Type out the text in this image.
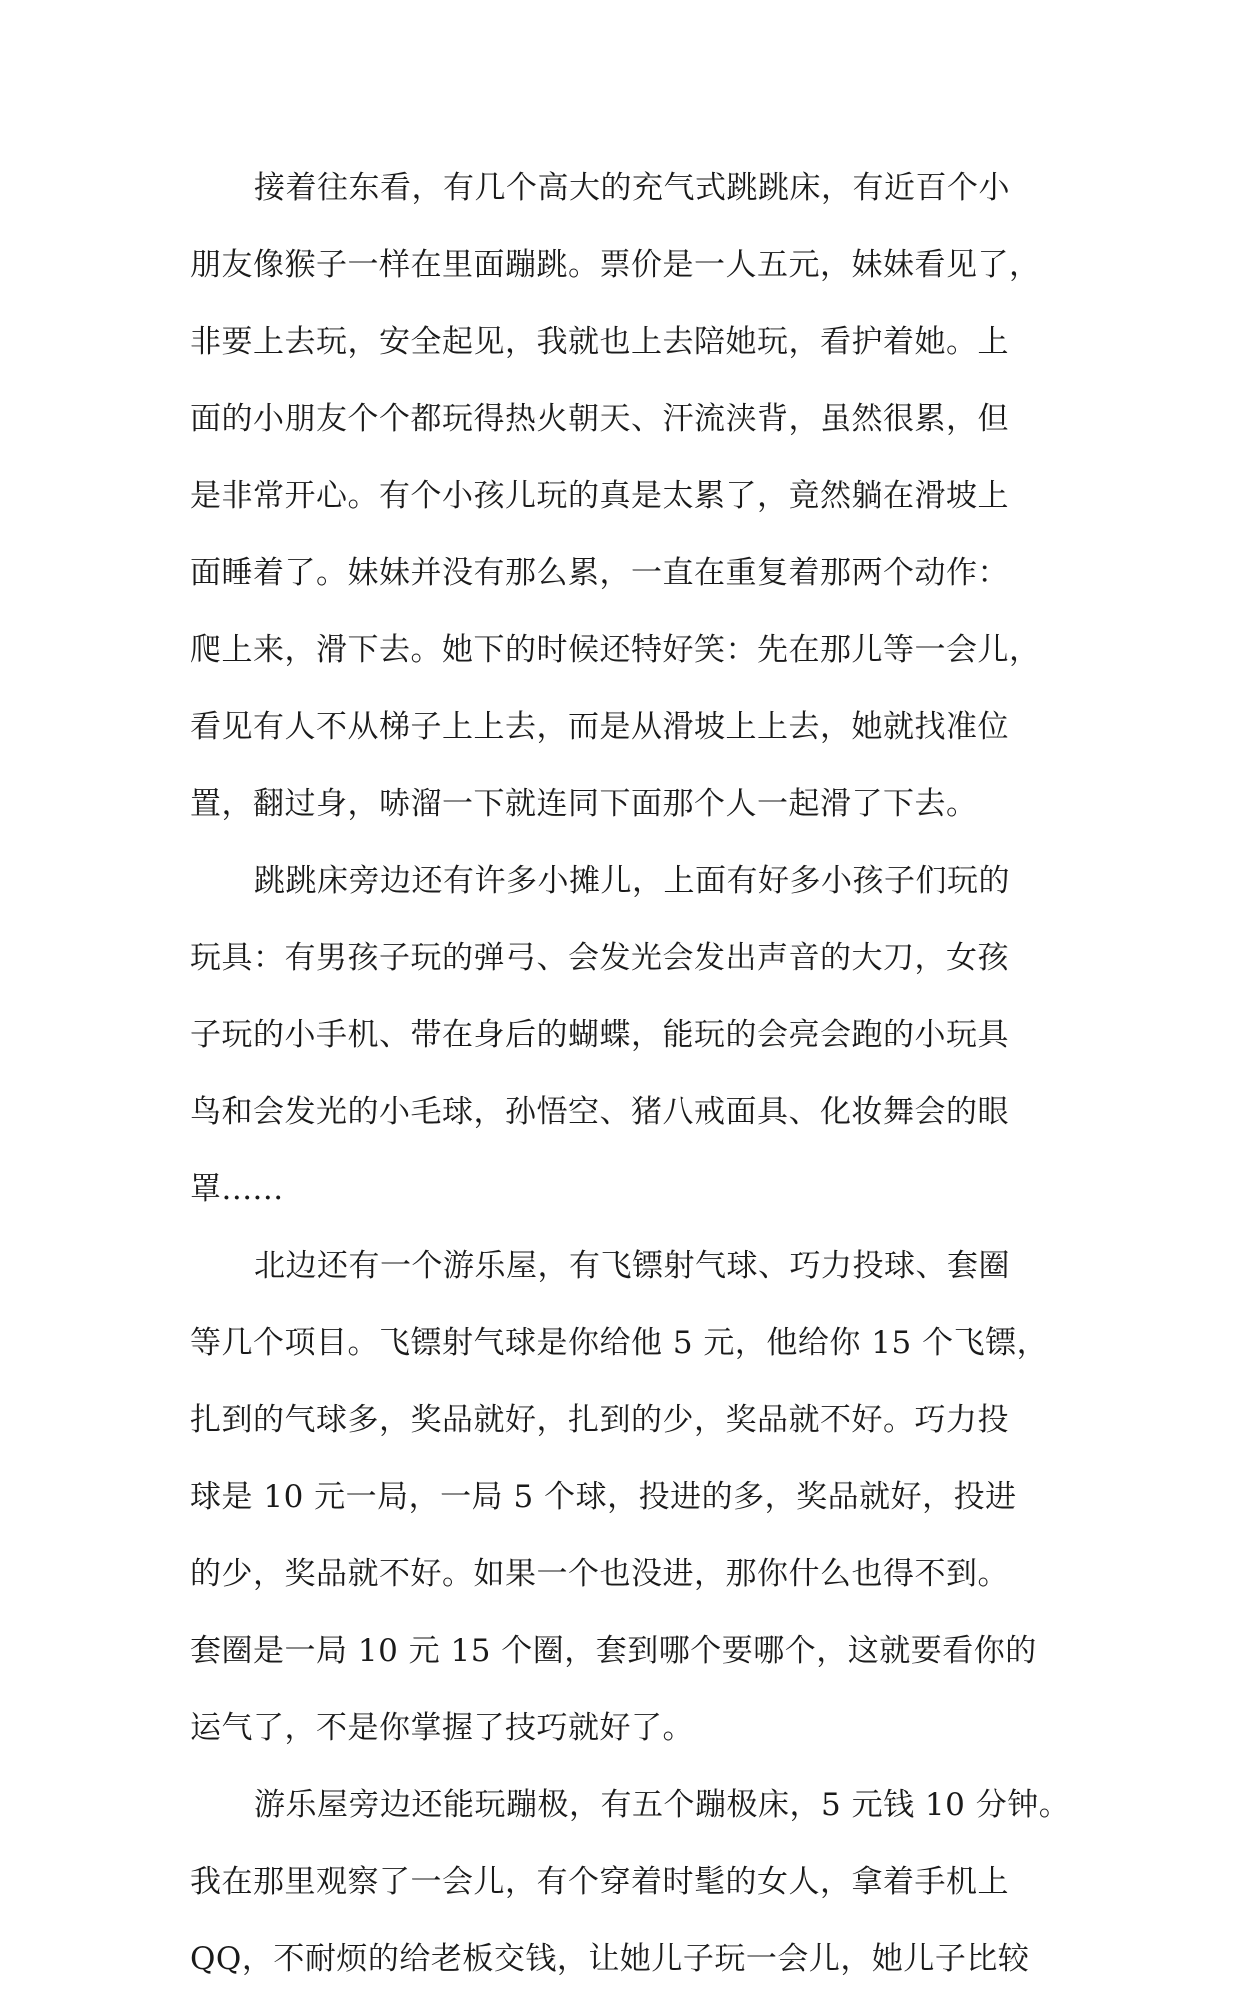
接着往东看，有几个高大的充气式跳跳床，有近百个小
朋友像猴子一样在里面蹦跳。票价是一人五元，妹妹看见了，
非要上去玩，安全起见，我就也上去陪她玩，看护着她。上
面的小朋友个个都玩得热火朝天、汗流浃背，虽然很累，但
是非常开心。有个小孩儿玩的真是太累了，竟然躺在滑坡上
面睡着了。妹妹并没有那么累，一直在重复着那两个动作：
爬上来，滑下去。她下的时候还特好笑：先在那儿等一会儿，
看见有人不从梯子上上去，而是从滑坡上上去，她就找准位
置，翻过身，哧溜一下就连同下面那个人一起滑了下去。
跳跳床旁边还有许多小摊儿，上面有好多小孩子们玩的
玩具：有男孩子玩的弹弓、会发光会发出声音的大刀，女孩
子玩的小手机、带在身后的蝴蝶，能玩的会亮会跑的小玩具
鸟和会发光的小毛球，孙悟空、猪八戒面具、化妆舞会的眼
罩......
北边还有一个游乐屋，有飞镖射气球、巧力投球、套圈
等几个项目。飞镖射气球是你给他 5 元，他给你 15 个飞镖，
扎到的气球多，奖品就好，扎到的少，奖品就不好。巧力投
球是 10 元一局，一局 5 个球，投进的多，奖品就好，投进
的少，奖品就不好。如果一个也没进，那你什么也得不到。
套圈是一局 10 元 15 个圈，套到哪个要哪个，这就要看你的
运气了，不是你掌握了技巧就好了。
游乐屋旁边还能玩蹦极，有五个蹦极床，5 元钱 10 分钟。
我在那里观察了一会儿，有个穿着时髦的女人，拿着手机上
QQ，不耐烦的给老板交钱，让她儿子玩一会儿，她儿子比较
